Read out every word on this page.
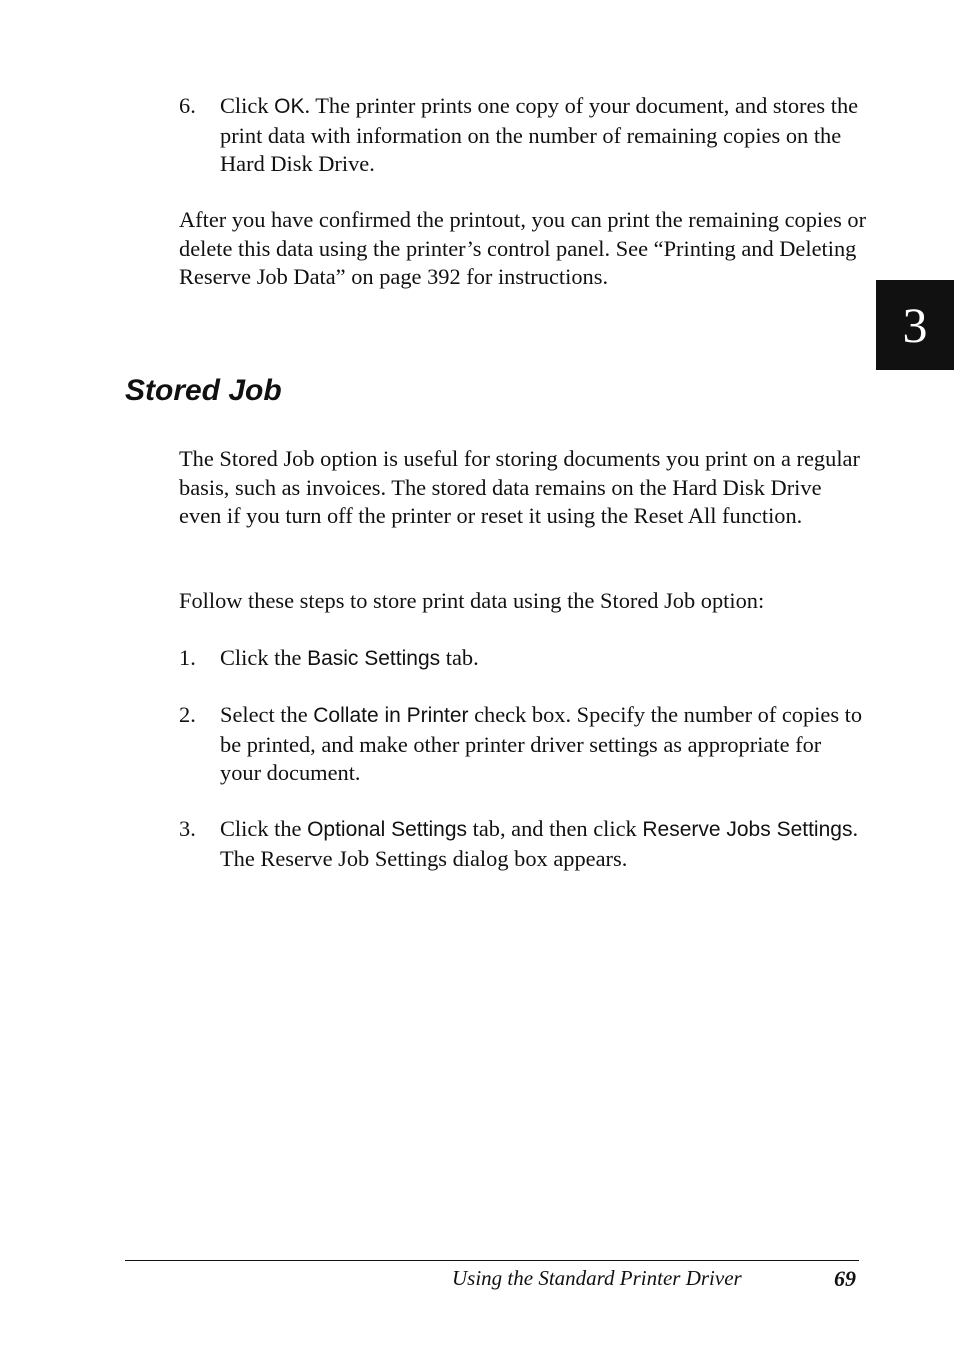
3
6.	Click OK. The printer prints one copy of your document, and stores the print data with information on the number of remaining copies on the Hard Disk Drive.

After you have confirmed the printout, you can print the remaining copies or delete this data using the printer’s control panel. See “Printing and Deleting Reserve Job Data” on page 392 for instructions.

Stored Job

The Stored Job option is useful for storing documents you print on a regular basis, such as invoices. The stored data remains on the Hard Disk Drive even if you turn off the printer or reset it using the Reset All function.

Follow these steps to store print data using the Stored Job option:

1.	Click the Basic Settings tab.
2.	Select the Collate in Printer check box. Specify the number of copies to be printed, and make other printer driver settings as appropriate for your document.
3.	Click the Optional Settings tab, and then click Reserve Jobs Settings. The Reserve Job Settings dialog box appears.
Using the Standard Printer Driver	69
